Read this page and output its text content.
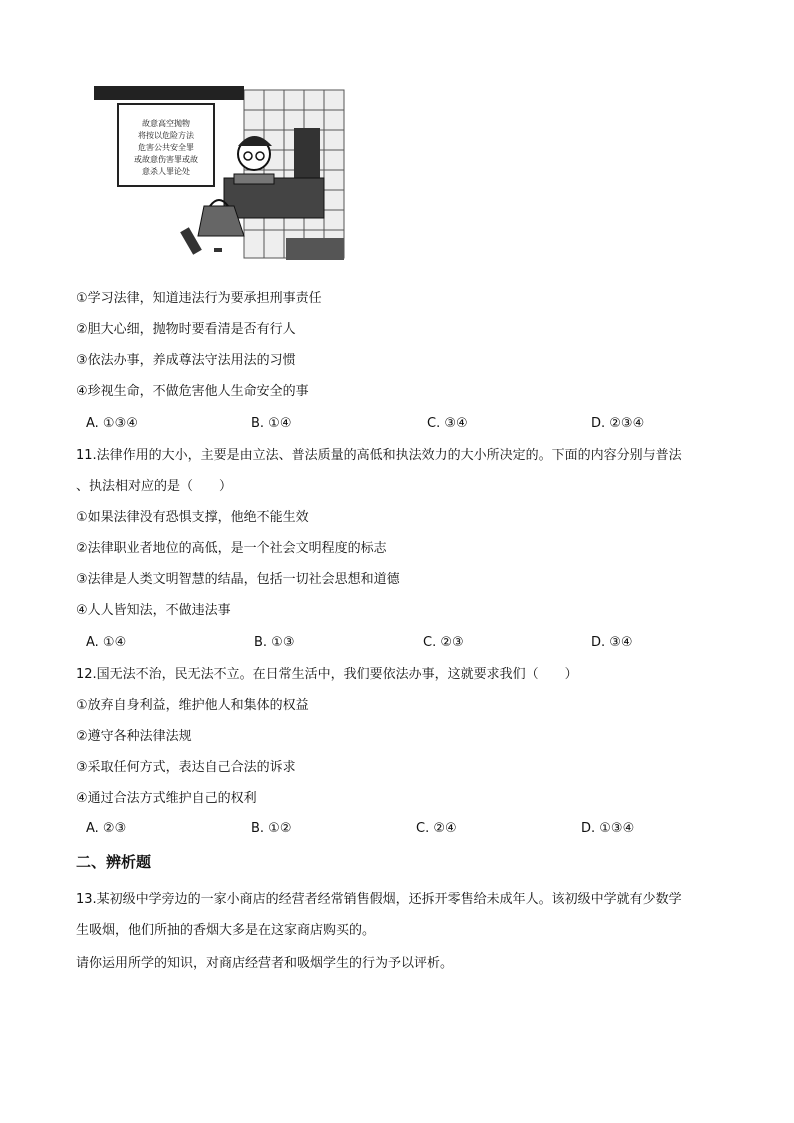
故意高空抛物
将按以危险方法
危害公共安全罪
或故意伤害罪或故
意杀人罪论处
①学习法律，知道违法行为要承担刑事责任
②胆大心细，抛物时要看清是否有行人
③依法办事，养成尊法守法用法的习惯
④珍视生命，不做危害他人生命安全的事
A. ①③④	B. ①④	C. ③④	D. ②③④
11.法律作用的大小，主要是由立法、普法质量的高低和执法效力的大小所决定的。下面的内容分别与普法
、执法相对应的是（　　）
①如果法律没有恐惧支撑，他绝不能生效
②法律职业者地位的高低，是一个社会文明程度的标志
③法律是人类文明智慧的结晶，包括一切社会思想和道德
④人人皆知法，不做违法事
A. ①④	B. ①③	C. ②③	D. ③④
12.国无法不治，民无法不立。在日常生活中，我们要依法办事，这就要求我们（　　）
①放弃自身利益，维护他人和集体的权益
②遵守各种法律法规
③采取任何方式，表达自己合法的诉求
④通过合法方式维护自己的权利
A. ②③	B. ①②	C. ②④	D. ①③④
二、辨析题
13.某初级中学旁边的一家小商店的经营者经常销售假烟，还拆开零售给未成年人。该初级中学就有少数学
生吸烟，他们所抽的香烟大多是在这家商店购买的。
请你运用所学的知识，对商店经营者和吸烟学生的行为予以评析。
